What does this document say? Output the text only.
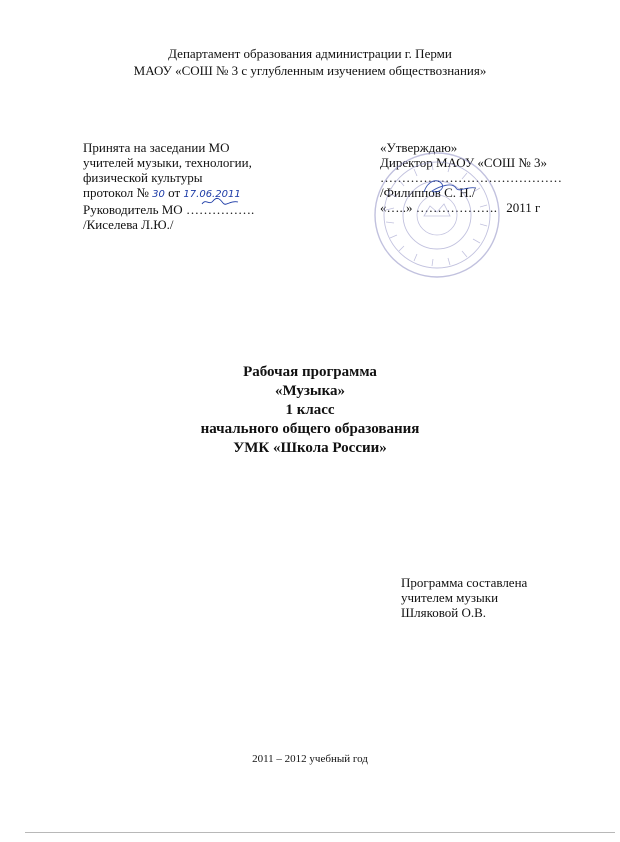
Департамент образования администрации г. Перми
МАОУ «СОШ № 3 с углубленным изучением обществознания»
Принята на заседании МО
учителей музыки, технологии,
физической культуры
протокол № 30 от 17.06.2011
Руководитель МО …………….
/Киселева Л.Ю./
«Утверждаю»
Директор МАОУ «СОШ № 3»
……………………………………
/Филиппов С. Н./
«…..» ………………. 2011 г
Рабочая программа
«Музыка»
1 класс
начального общего образования
УМК «Школа России»
Программа составлена
учителем музыки
Шляковой О.В.
2011 – 2012 учебный год
